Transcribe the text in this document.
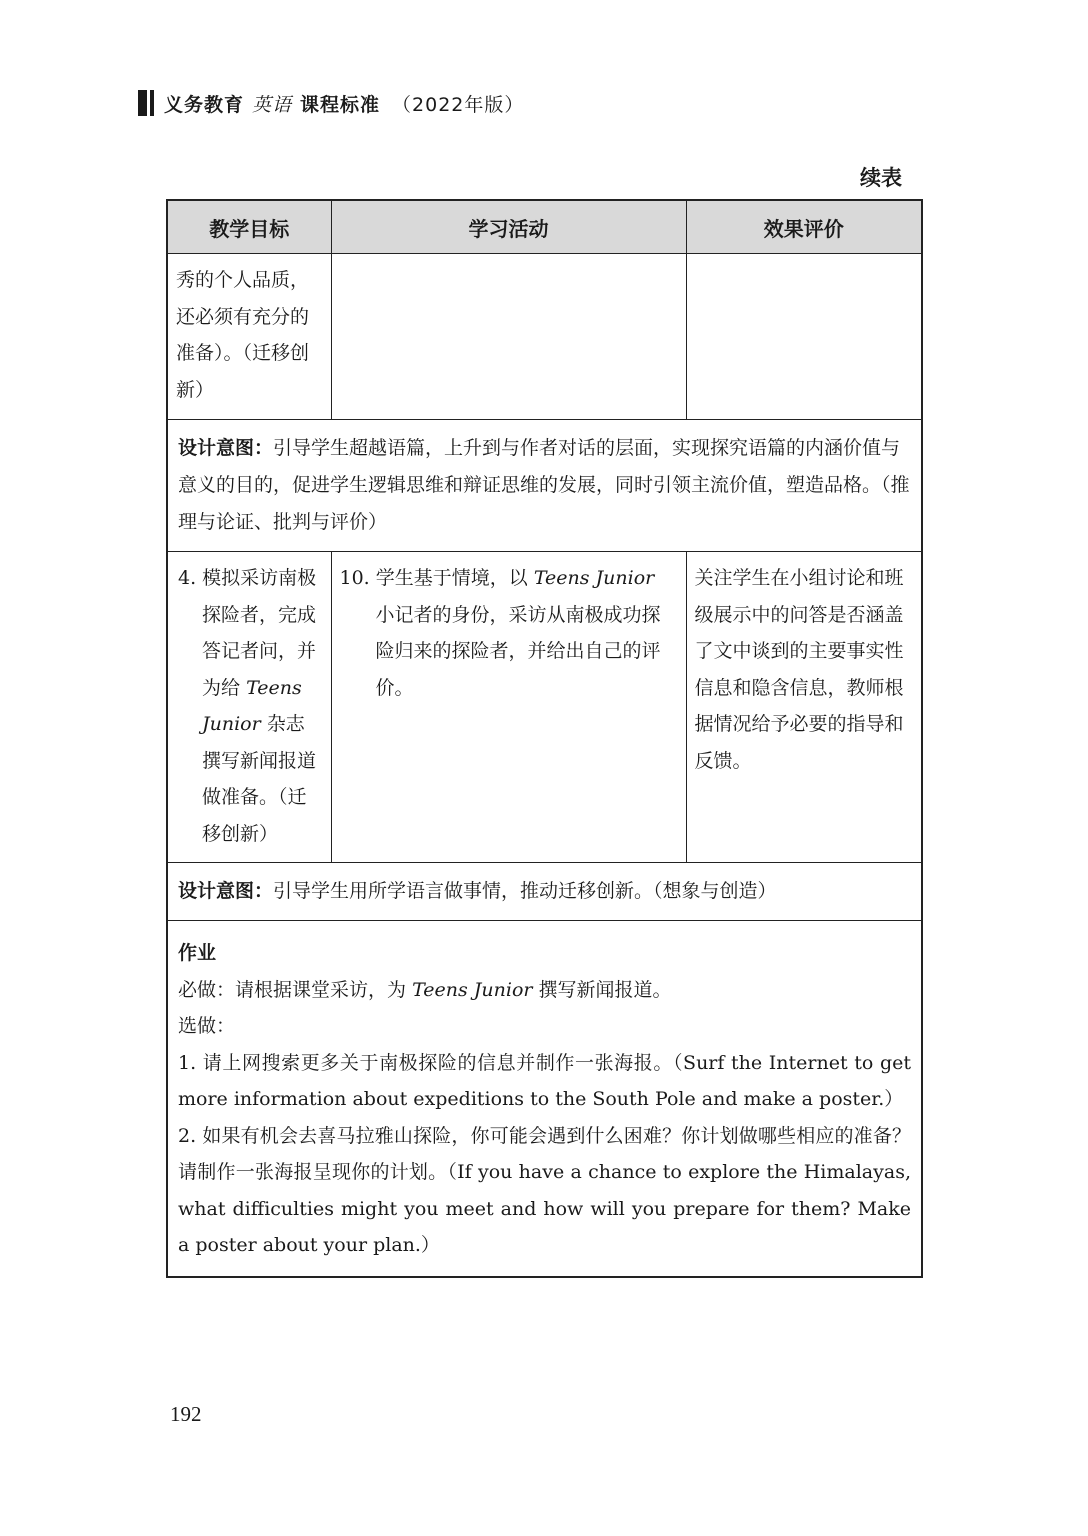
义务教育 英语 课程标准 （2022年版）
续表
教学目标	学习活动	效果评价
秀的个人品质，还必须有充分的准备）。（迁移创新）		
设计意图：引导学生超越语篇，上升到与作者对话的层面，实现探究语篇的内涵价值与意义的目的，促进学生逻辑思维和辩证思维的发展，同时引领主流价值，塑造品格。（推理与论证、批判与评价）		

4. 模拟采访南极探险者，完成答记者问，并为给 Teens Junior 杂志撰写新闻报道做准备。（迁移创新）	10. 学生基于情境，以 Teens Junior 小记者的身份，采访从南极成功探险归来的探险者，并给出自己的评价。	关注学生在小组讨论和班级展示中的问答是否涵盖了文中谈到的主要事实性信息和隐含信息，教师根据情况给予必要的指导和反馈。
设计意图：引导学生用所学语言做事情，推动迁移创新。（想象与创造）		

作业
必做：请根据课堂采访，为 Teens Junior 撰写新闻报道。
选做：
1. 请上网搜索更多关于南极探险的信息并制作一张海报。（Surf the Internet to get more information about expeditions to the South Pole and make a poster.）
2. 如果有机会去喜马拉雅山探险，你可能会遇到什么困难？你计划做哪些相应的准备？请制作一张海报呈现你的计划。（If you have a chance to explore the Himalayas, what difficulties might you meet and how will you prepare for them? Make a poster about your plan.）		
192
